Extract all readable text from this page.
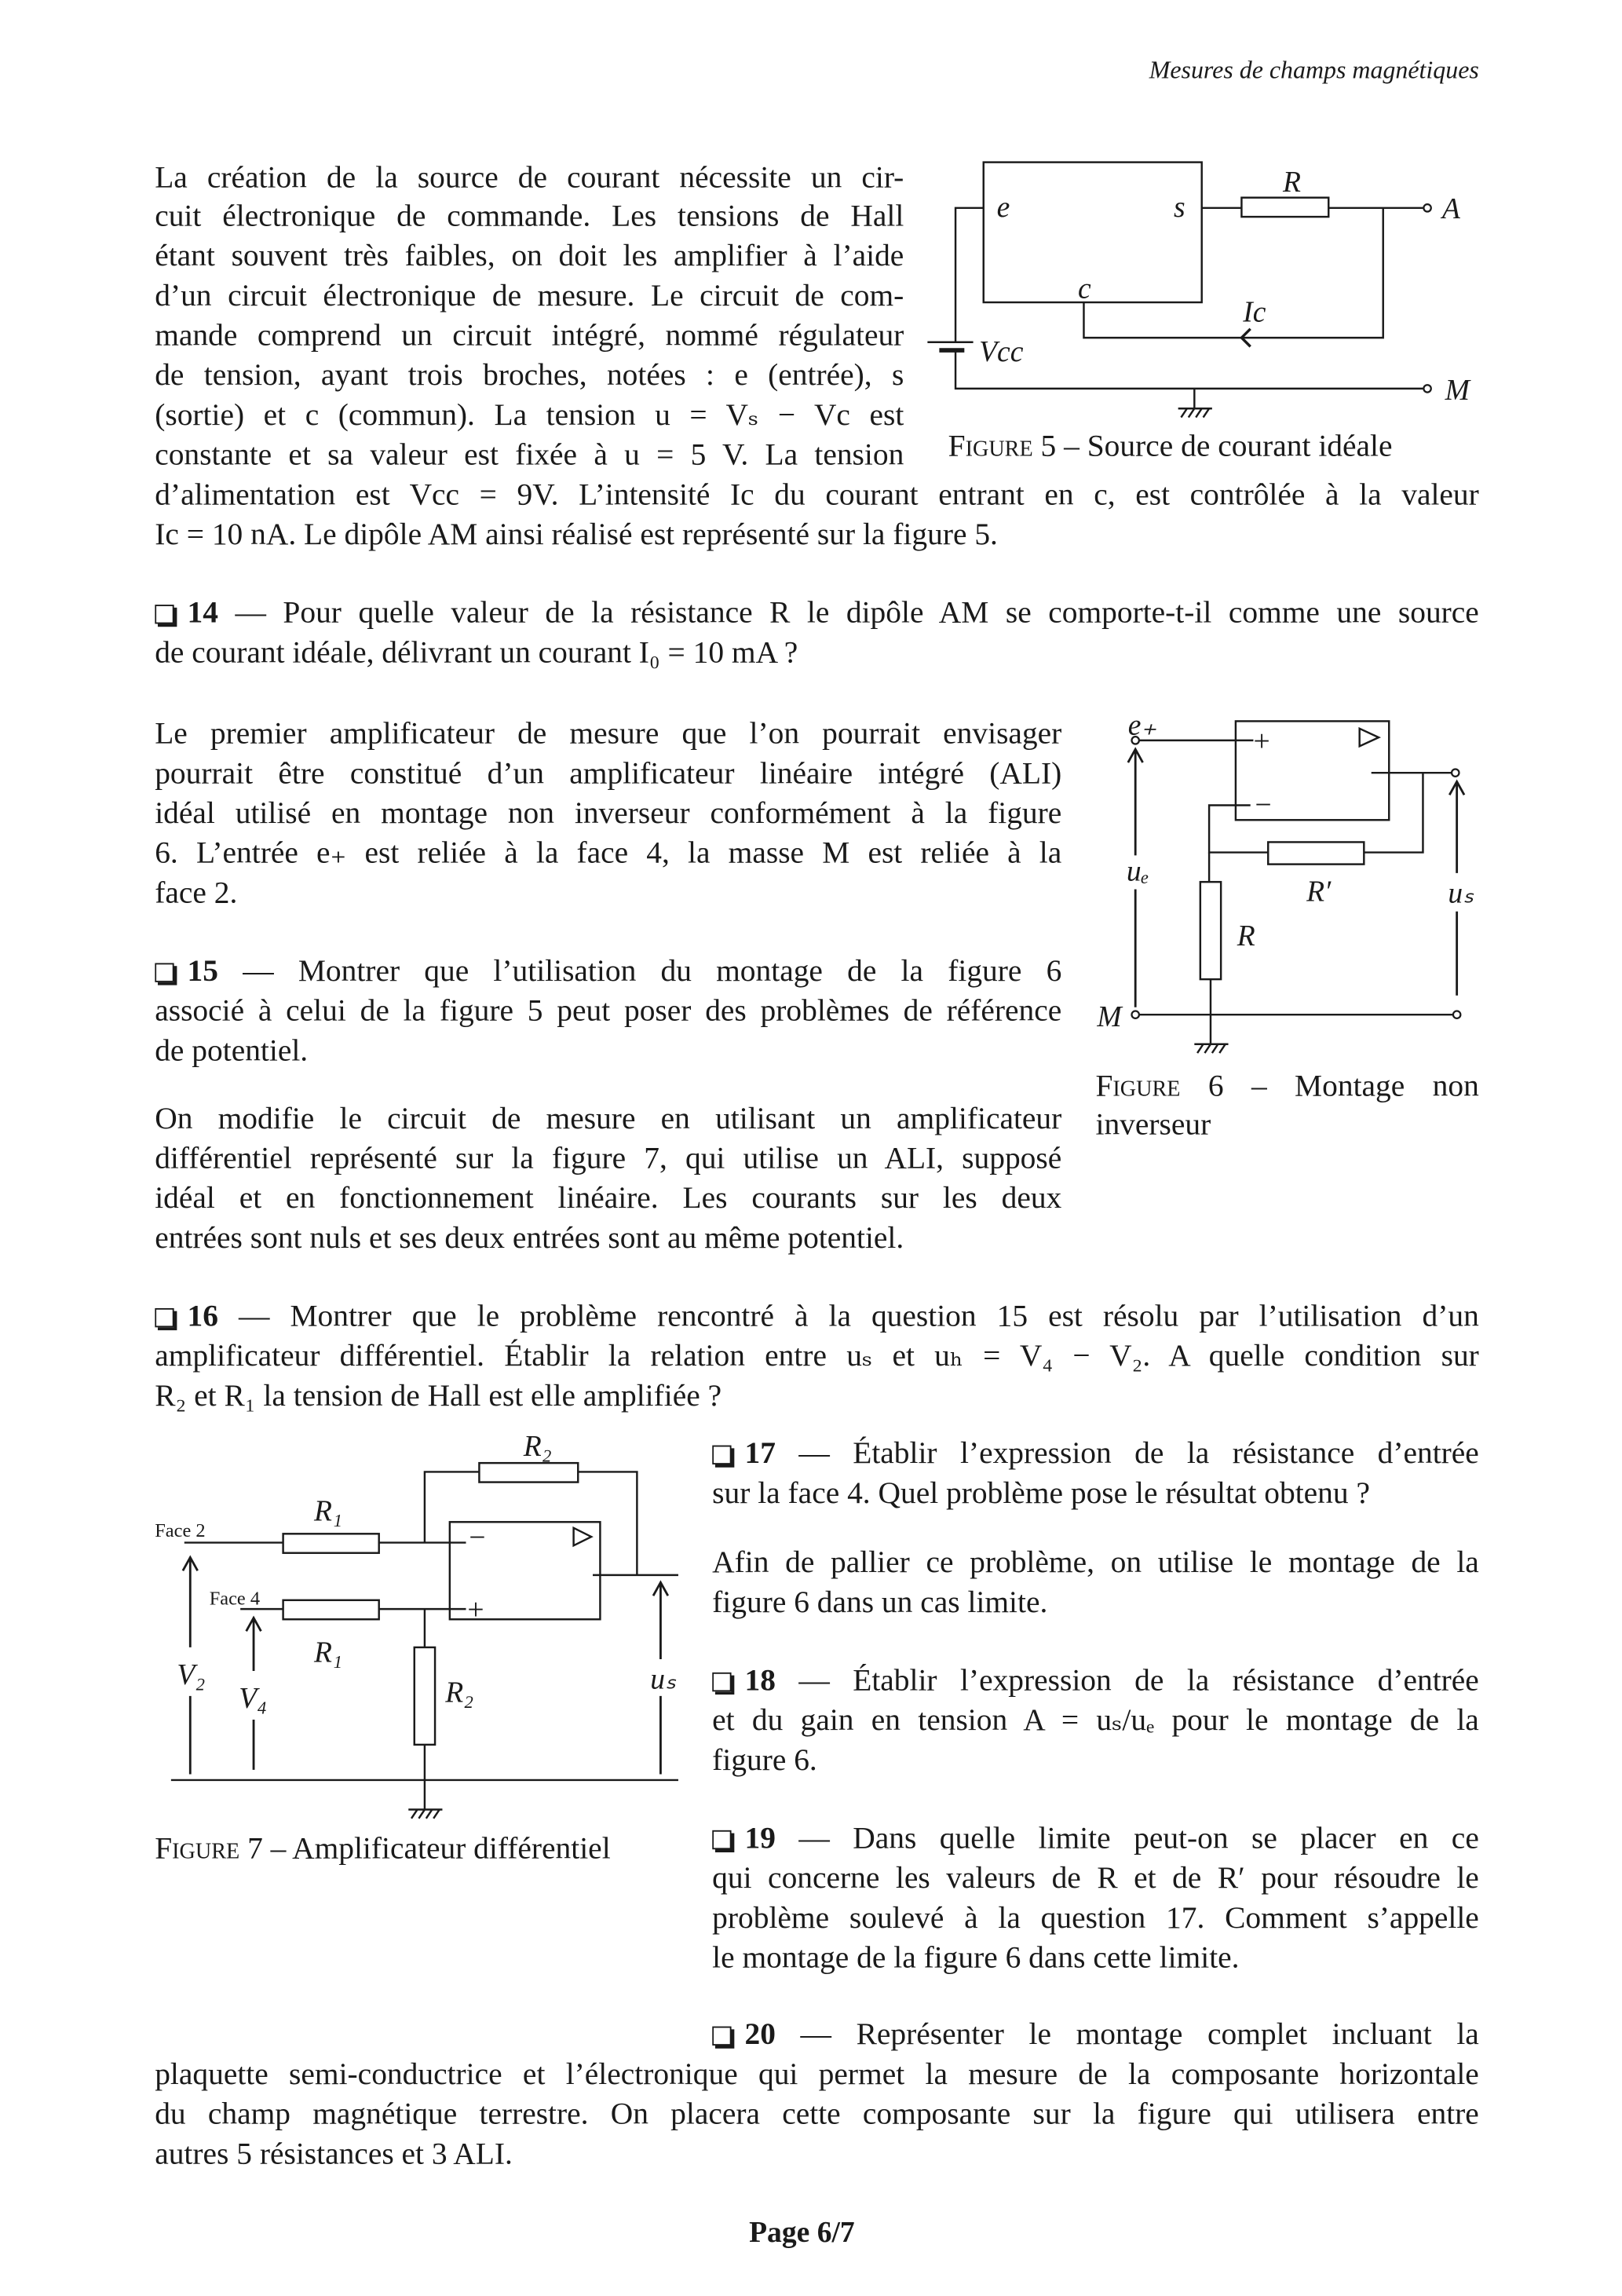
Mesures de champs magnétiques
La création de la source de courant nécessite un cir-
cuit électronique de commande. Les tensions de Hall
étant souvent très faibles, on doit les amplifier à l’aide
d’un circuit électronique de mesure. Le circuit de com-
mande comprend un circuit intégré, nommé régulateur
de tension, ayant trois broches, notées : e (entrée), s
(sortie) et c (commun). La tension u = Vₛ − Vc est
constante et sa valeur est fixée à u = 5 V. La tension
d’alimentation est Vcc = 9V. L’intensité Ic du courant entrant en c, est contrôlée à la valeur
Ic = 10 nA. Le dipôle AM ainsi réalisé est représenté sur la figure 5.
14 — Pour quelle valeur de la résistance R le dipôle AM se comporte-t-il comme une source
de courant idéale, délivrant un courant I₀ = 10 mA ?
Le premier amplificateur de mesure que l’on pourrait envisager
pourrait être constitué d’un amplificateur linéaire intégré (ALI)
idéal utilisé en montage non inverseur conformément à la figure
6. L’entrée e₊ est reliée à la face 4, la masse M est reliée à la
face 2.
15 — Montrer que l’utilisation du montage de la figure 6
associé à celui de la figure 5 peut poser des problèmes de référence
de potentiel.
On modifie le circuit de mesure en utilisant un amplificateur
différentiel représenté sur la figure 7, qui utilise un ALI, supposé
idéal et en fonctionnement linéaire. Les courants sur les deux
entrées sont nuls et ses deux entrées sont au même potentiel.
16 — Montrer que le problème rencontré à la question 15 est résolu par l’utilisation d’un
amplificateur différentiel. Établir la relation entre uₛ et uₕ = V₄ − V₂. A quelle condition sur
R₂ et R₁ la tension de Hall est elle amplifiée ?
17 — Établir l’expression de la résistance d’entrée
sur la face 4. Quel problème pose le résultat obtenu ?
Afin de pallier ce problème, on utilise le montage de la
figure 6 dans un cas limite.
18 — Établir l’expression de la résistance d’entrée
et du gain en tension A = uₛ/uₑ pour le montage de la
figure 6.
19 — Dans quelle limite peut-on se placer en ce
qui concerne les valeurs de R et de R′ pour résoudre le
problème soulevé à la question 17. Comment s’appelle
le montage de la figure 6 dans cette limite.
20 — Représenter le montage complet incluant la
plaquette semi-conductrice et l’électronique qui permet la mesure de la composante horizontale
du champ magnétique terrestre. On placera cette composante sur la figure qui utilisera entre
autres 5 résistances et 3 ALI.
Figure 5 – Source de courant idéale
Figure 6 – Montage non
inverseur
Figure 7 – Amplificateur différentiel
Page 6/7
e	s
c
R
A
M
Ic
Vcc
e₊
+
−
uₑ
uₛ
R
R′
M
Face 2
Face 4
R₁
R₁
R₂
R₂
V₂
V₄
uₛ
−
+
